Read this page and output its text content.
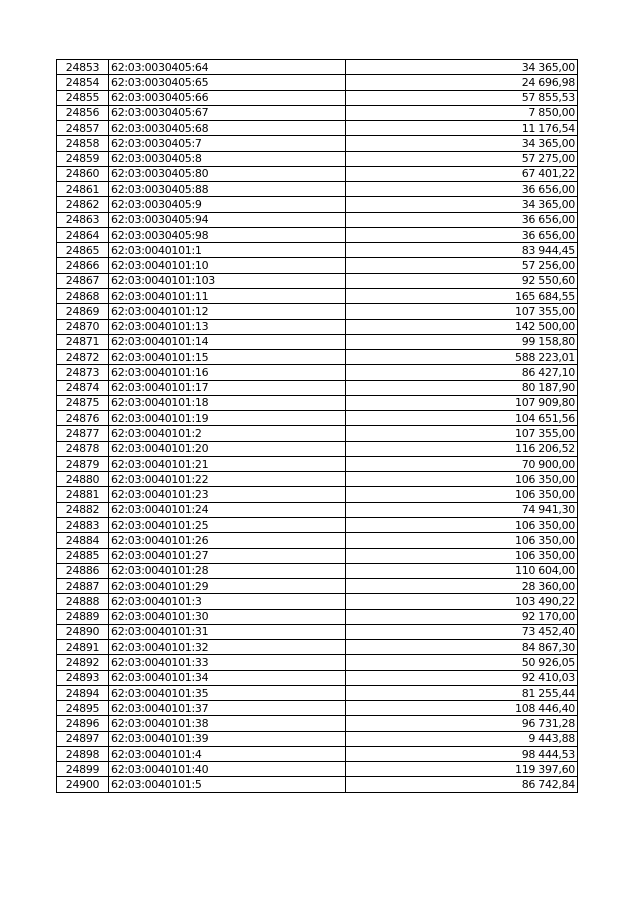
24853	62:03:0030405:64	34 365,00
24854	62:03:0030405:65	24 696,98
24855	62:03:0030405:66	57 855,53
24856	62:03:0030405:67	7 850,00
24857	62:03:0030405:68	11 176,54
24858	62:03:0030405:7	34 365,00
24859	62:03:0030405:8	57 275,00
24860	62:03:0030405:80	67 401,22
24861	62:03:0030405:88	36 656,00
24862	62:03:0030405:9	34 365,00
24863	62:03:0030405:94	36 656,00
24864	62:03:0030405:98	36 656,00
24865	62:03:0040101:1	83 944,45
24866	62:03:0040101:10	57 256,00
24867	62:03:0040101:103	92 550,60
24868	62:03:0040101:11	165 684,55
24869	62:03:0040101:12	107 355,00
24870	62:03:0040101:13	142 500,00
24871	62:03:0040101:14	99 158,80
24872	62:03:0040101:15	588 223,01
24873	62:03:0040101:16	86 427,10
24874	62:03:0040101:17	80 187,90
24875	62:03:0040101:18	107 909,80
24876	62:03:0040101:19	104 651,56
24877	62:03:0040101:2	107 355,00
24878	62:03:0040101:20	116 206,52
24879	62:03:0040101:21	70 900,00
24880	62:03:0040101:22	106 350,00
24881	62:03:0040101:23	106 350,00
24882	62:03:0040101:24	74 941,30
24883	62:03:0040101:25	106 350,00
24884	62:03:0040101:26	106 350,00
24885	62:03:0040101:27	106 350,00
24886	62:03:0040101:28	110 604,00
24887	62:03:0040101:29	28 360,00
24888	62:03:0040101:3	103 490,22
24889	62:03:0040101:30	92 170,00
24890	62:03:0040101:31	73 452,40
24891	62:03:0040101:32	84 867,30
24892	62:03:0040101:33	50 926,05
24893	62:03:0040101:34	92 410,03
24894	62:03:0040101:35	81 255,44
24895	62:03:0040101:37	108 446,40
24896	62:03:0040101:38	96 731,28
24897	62:03:0040101:39	9 443,88
24898	62:03:0040101:4	98 444,53
24899	62:03:0040101:40	119 397,60
24900	62:03:0040101:5	86 742,84
